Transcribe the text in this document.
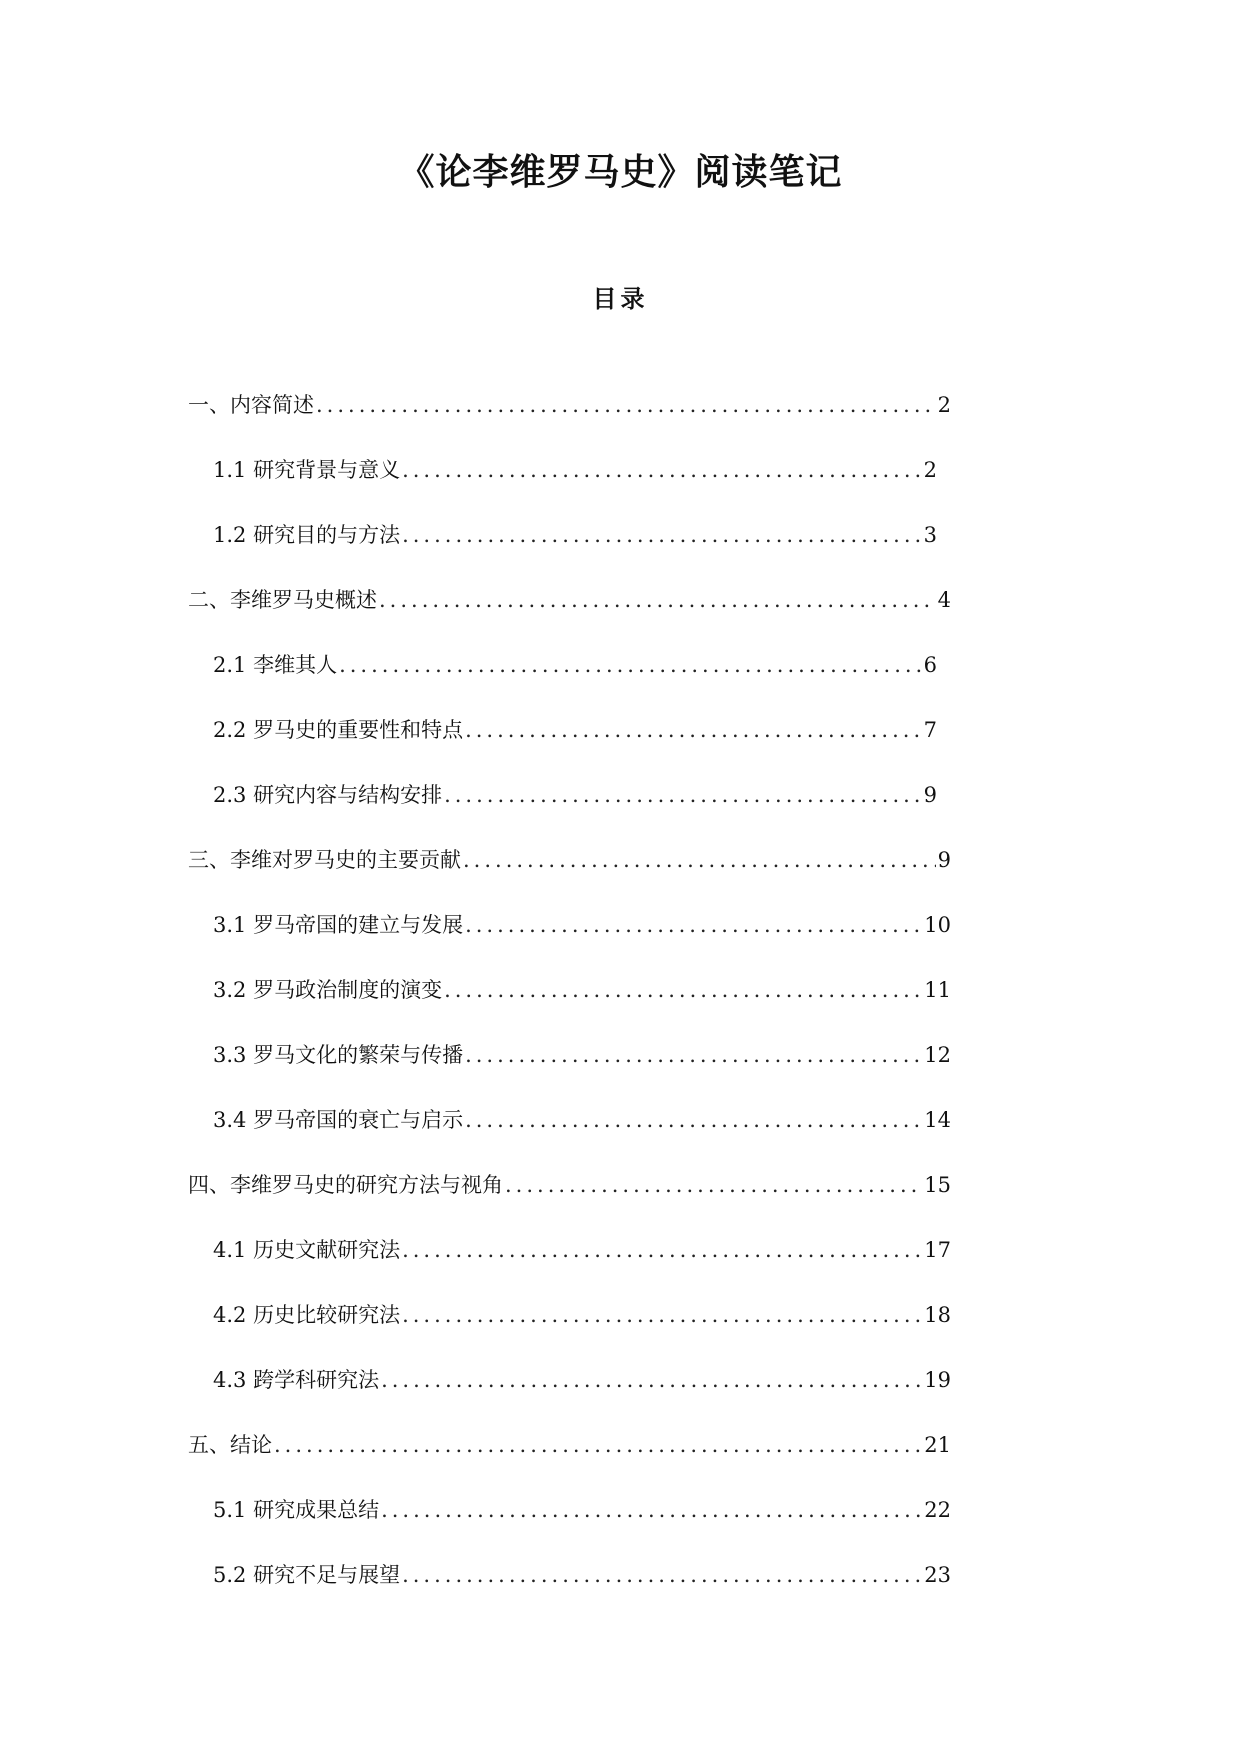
《论李维罗马史》阅读笔记
目录
一、内容简述 .....	2
1.1 研究背景与意义 .....	2
1.2 研究目的与方法 .....	3
二、李维罗马史概述 .....	4
2.1 李维其人 .....	6
2.2 罗马史的重要性和特点 .....	7
2.3 研究内容与结构安排 .....	9
三、李维对罗马史的主要贡献 .....	9
3.1 罗马帝国的建立与发展 .....	10
3.2 罗马政治制度的演变 .....	11
3.3 罗马文化的繁荣与传播 .....	12
3.4 罗马帝国的衰亡与启示 .....	14
四、李维罗马史的研究方法与视角 .....	15
4.1 历史文献研究法 .....	17
4.2 历史比较研究法 .....	18
4.3 跨学科研究法 .....	19
五、结论 .....	21
5.1 研究成果总结 .....	22
5.2 研究不足与展望 .....	23
